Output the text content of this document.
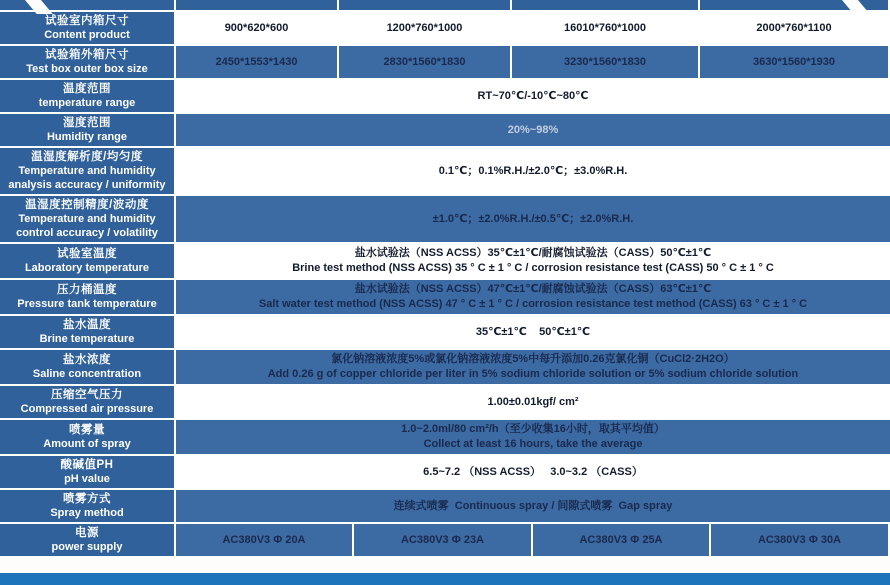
试验室内箱尺寸
Content product
900*620*600	1200*760*1000	16010*760*1000	2000*760*1100
试验箱外箱尺寸
Test box outer box size
2450*1553*1430	2830*1560*1830	3230*1560*1830	3630*1560*1930
温度范围
temperature range
RT~70℃/-10℃~80℃
湿度范围
Humidity range
20%~98%
温湿度解析度/均匀度
Temperature and humidity analysis accuracy / uniformity
0.1℃；0.1%R.H./±2.0℃；±3.0%R.H.
温湿度控制精度/波动度
Temperature and humidity control accuracy / volatility
±1.0℃；±2.0%R.H./±0.5℃；±2.0%R.H.
试验室温度
Laboratory temperature
盐水试验法（NSS ACSS）35℃±1℃/耐腐蚀试验法（CASS）50℃±1℃
Brine test method (NSS ACSS) 35 ° C ± 1 ° C / corrosion resistance test (CASS) 50 ° C ± 1 ° C
压力桶温度
Pressure tank temperature
盐水试验法（NSS ACSS）47℃±1℃/耐腐蚀试验法（CASS）63℃±1℃
Salt water test method (NSS ACSS) 47 ° C ± 1 ° C / corrosion resistance test method (CASS) 63 ° C ± 1 ° C
盐水温度
Brine temperature
35℃±1℃    50℃±1℃
盐水浓度
Saline concentration
氯化钠溶液浓度5%或氯化钠溶液浓度5%中每升添加0.26克氯化铜（CuCl2·2H2O）
Add 0.26 g of copper chloride per liter in 5% sodium chloride solution or 5% sodium chloride solution
压缩空气压力
Compressed air pressure
1.00±0.01kgf/ cm²
喷雾量
Amount of spray
1.0~2.0ml/80 cm²/h（至少收集16小时，取其平均值）
Collect at least 16 hours, take the average
酸碱值PH
pH value
6.5~7.2 （NSS ACSS）   3.0~3.2 （CASS）
喷雾方式
Spray method
连续式喷雾  Continuous spray / 间隙式喷雾  Gap spray
电源
power supply
AC380V3 Φ 20A	AC380V3 Φ 23A	AC380V3 Φ 25A	AC380V3 Φ 30A
